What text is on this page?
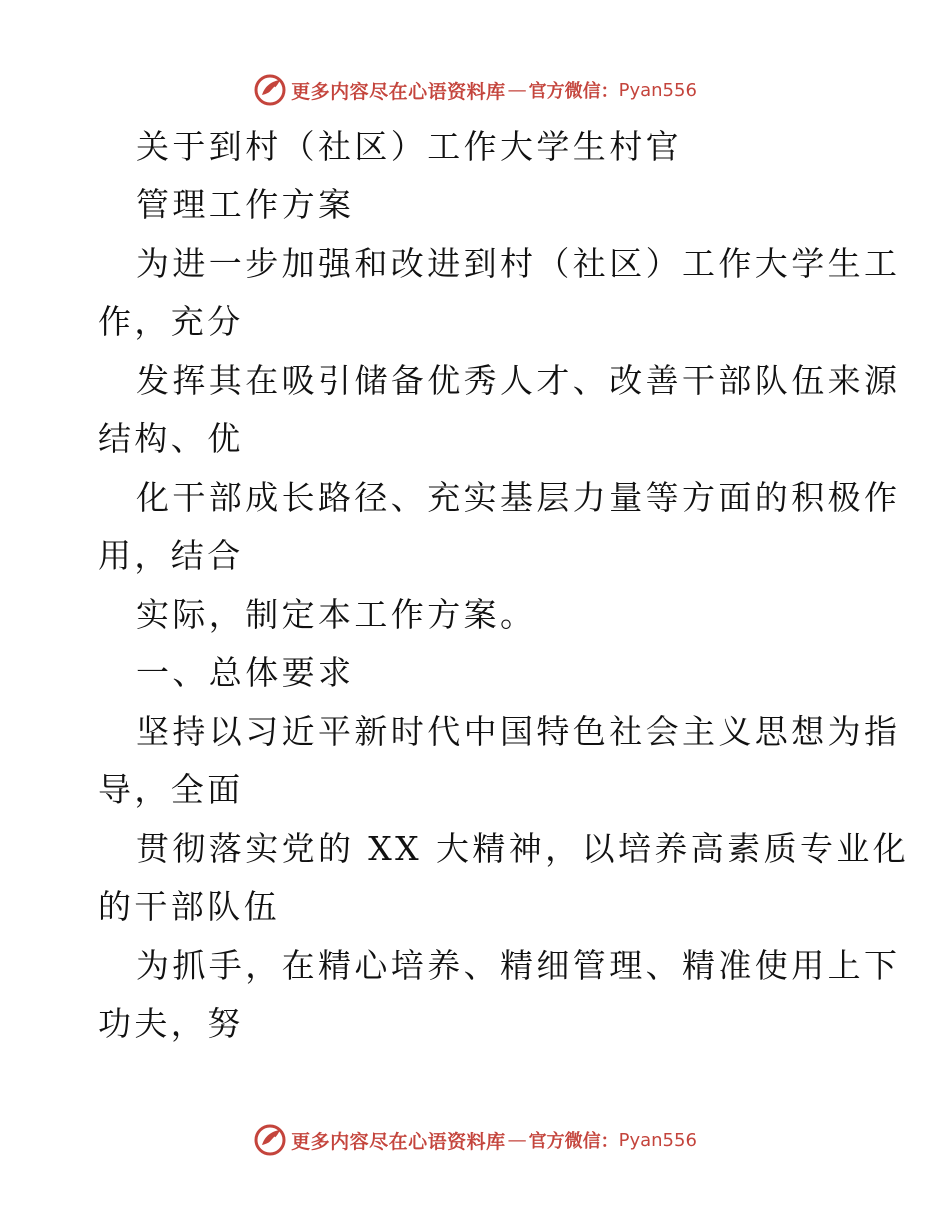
更多内容尽在心语资料库 — 官方微信： Pyan556
关于到村（社区）工作大学生村官
管理工作方案
为进一步加强和改进到村（社区）工作大学生工
作，充分
发挥其在吸引储备优秀人才、改善干部队伍来源
结构、优
化干部成长路径、充实基层力量等方面的积极作
用，结合
实际，制定本工作方案。
一、总体要求
坚持以习近平新时代中国特色社会主义思想为指
导，全面
贯彻落实党的 XX 大精神，以培养高素质专业化
的干部队伍
为抓手，在精心培养、精细管理、精准使用上下
功夫，努
更多内容尽在心语资料库 — 官方微信： Pyan556
